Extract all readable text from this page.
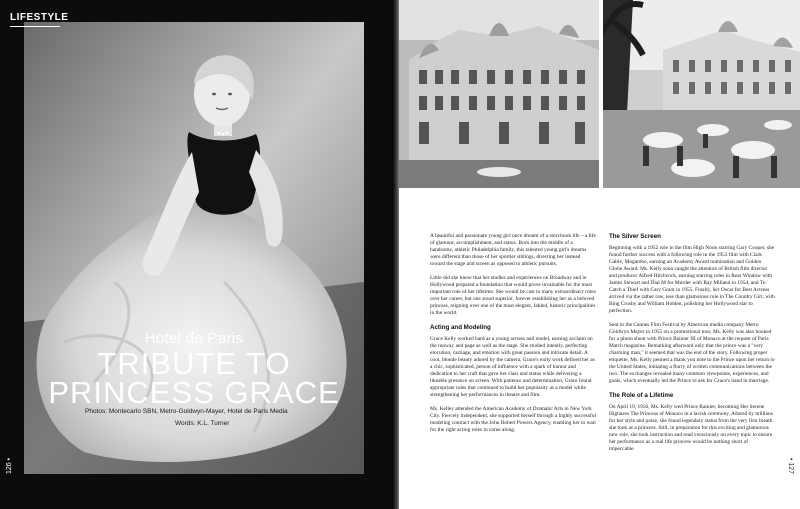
LIFESTYLE
Hotel de Paris
TRIBUTE TO
PRINCESS GRACE
Photos: Montecarlo SBN, Metro-Goldwyn-Mayer, Hotel de Paris Media
Words: K.L. Turner
126 •

A beautiful and passionate young girl once dreamt of a storybook life – a life of glamour, accomplishment, and status. Born into the middle of a handsome, athletic Philadelphia family, this talented young girl's dreams were different than those of her sportier siblings, directing her instead toward the stage and screen as opposed to athletic pursuits.

Little did she know that her studies and experiences on Broadway and in Hollywood prepared a foundation that would prove invaluable for the most important role of her lifetime. She would be cast in many extraordinary roles over her career, but one stood superior, forever establishing her as a beloved princess, reigning over one of the most elegant, fabled, historic principalities in the world.

Acting and Modeling

Grace Kelly worked hard as a young actress and model, earning acclaim on the runway and page as well as the stage. She studied intently, perfecting elocution, carriage, and emotion with great passion and intricate detail. A cool, blonde beauty adored by the camera, Grace's early work defined her as a chic, sophisticated, person of influence with a spark of humor and dedication to her craft that gave her class and status while delivering a likeable presence on screen. With patience and determination, Grace found appropriate roles that continued to build her popularity as a model while strengthening her performances in theatre and film.

Ms. Kelley attended the American Academy of Dramatic Arts in New York City. Fiercely independent, she supported herself through a highly successful modeling contract with the John Robert Powers Agency, enabling her to wait for the right acting roles to come along.

The Silver Screen

Beginning with a 1952 role in the film High Noon starring Gary Cooper, she found further success with a following role in the 1953 film with Clark Gable, Mogambo, earning an Academy Award nomination and Golden Globe Award. Ms. Kelly soon caught the attention of British film director and producer Alfred Hitchcock, earning starring roles in Rear Window with James Stewart and Dial M for Murder with Ray Milland in 1954, and To Catch a Thief with Cary Grant in 1955. Finally, her Oscar for Best Actress arrived via the rather raw, less than glamorous role in The Country Girl, with Bing Crosby and William Holden, polishing her Hollywood star to perfection.

Sent to the Cannes Film Festival by American media company Metro Goldwyn Mayer in 1955 on a promotional tour, Ms. Kelly was also booked for a photo shoot with Prince Rainier III of Monaco at the request of Paris Match magazine. Remarking afterward only that the prince was a "very charming man," it seemed that was the end of the story. Following proper etiquette, Ms. Kelly penned a thank you note to the Prince upon her return to the United States, initiating a flurry of written communications between the two. The exchanges revealed many common viewpoints, experiences, and goals, which eventually led the Prince to ask for Grace's hand in marriage.

The Role of a Lifetime

On April 19, 1956, Ms. Kelly wed Prince Rainier, becoming Her Serene Highness The Princess of Monaco in a lavish ceremony. Adored by millions for her style and poise, she found legendary status from the very first breath she took as a princess. Still, in preparation for this exciting and glamorous new role, she took instruction and read voraciously on every topic to ensure her performance as a real life princess would be nothing short of impeccable.

• 127
